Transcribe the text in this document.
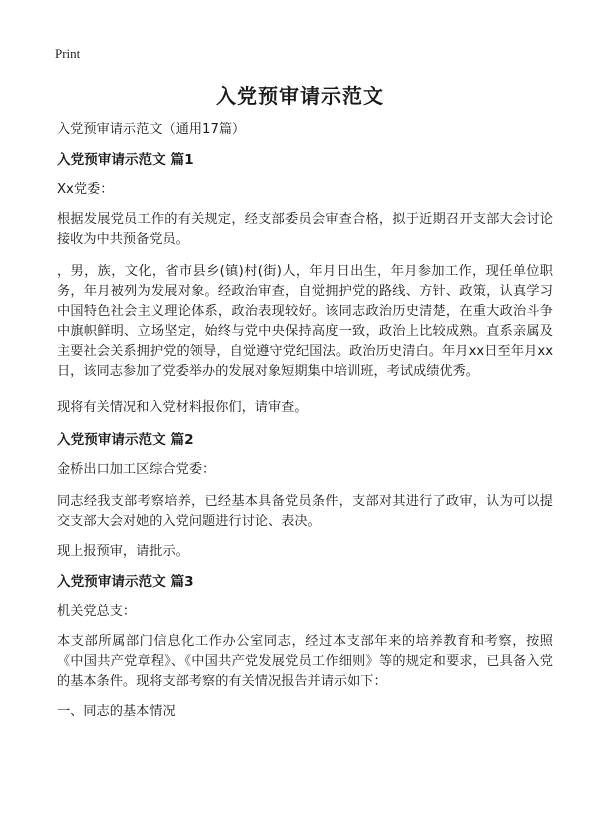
Print
入党预审请示范文
入党预审请示范文（通用17篇）
入党预审请示范文 篇1
Xx党委：
根据发展党员工作的有关规定，经支部委员会审查合格，拟于近期召开支部大会讨论接收为中共预备党员。
，男，族，文化，省市县乡(镇)村(街)人，年月日出生，年月参加工作，现任单位职务，年月被列为发展对象。经政治审查，自觉拥护党的路线、方针、政策，认真学习中国特色社会主义理论体系，政治表现较好。该同志政治历史清楚，在重大政治斗争中旗帜鲜明、立场坚定，始终与党中央保持高度一致，政治上比较成熟。直系亲属及主要社会关系拥护党的领导，自觉遵守党纪国法。政治历史清白。年月xx日至年月xx日，该同志参加了党委举办的发展对象短期集中培训班，考试成绩优秀。
现将有关情况和入党材料报你们，请审查。
入党预审请示范文 篇2
金桥出口加工区综合党委：
同志经我支部考察培养，已经基本具备党员条件，支部对其进行了政审，认为可以提交支部大会对她的入党问题进行讨论、表决。
现上报预审，请批示。
入党预审请示范文 篇3
机关党总支：
本支部所属部门信息化工作办公室同志，经过本支部年来的培养教育和考察，按照《中国共产党章程》、《中国共产党发展党员工作细则》等的规定和要求，已具备入党的基本条件。现将支部考察的有关情况报告并请示如下：
一、同志的基本情况
